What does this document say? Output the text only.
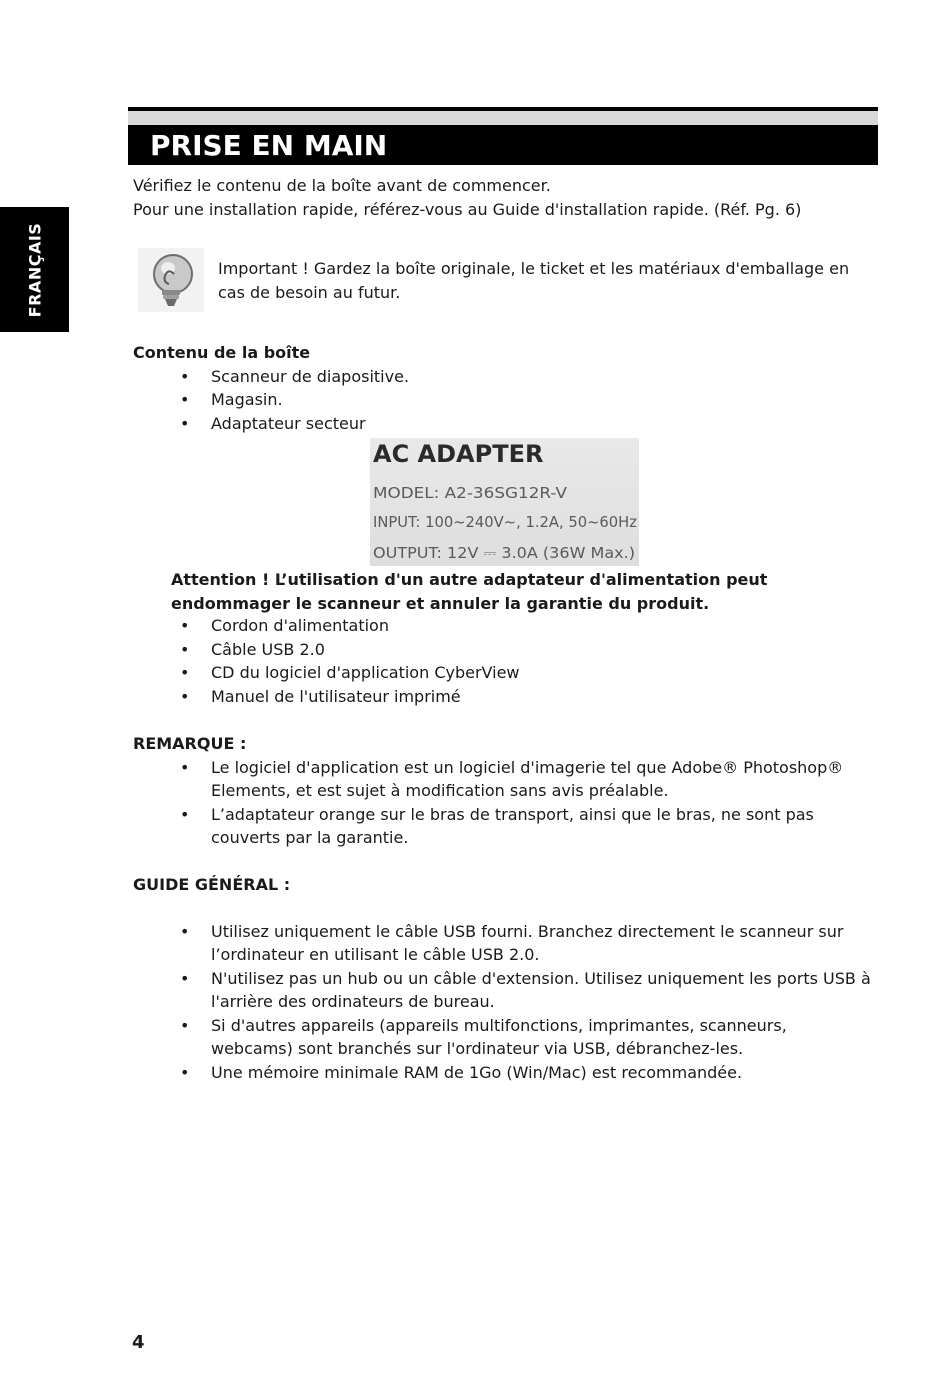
FRANÇAIS
PRISE EN MAIN

Vérifiez le contenu de la boîte avant de commencer.

Pour une installation rapide, référez-vous au Guide d'installation rapide. (Réf. Pg. 6)

Important ! Gardez la boîte originale, le ticket et les matériaux d'emballage en cas de besoin au futur.

Contenu de la boîte

• Scanneur de diapositive.
• Magasin.
• Adaptateur secteur
AC ADAPTER
MODEL: A2-36SG12R-V
INPUT: 100~240V~, 1.2A, 50~60Hz
OUTPUT: 12V ⎓ 3.0A (36W Max.)
Attention ! L’utilisation d'un autre adaptateur d'alimentation peut endommager le scanneur et annuler la garantie du produit.
• Cordon d'alimentation
• Câble USB 2.0
• CD du logiciel d'application CyberView
• Manuel de l'utilisateur imprimé

REMARQUE :

• Le logiciel d'application est un logiciel d'imagerie tel que Adobe® Photoshop® Elements, et est sujet à modification sans avis préalable.
• L’adaptateur orange sur le bras de transport, ainsi que le bras, ne sont pas couverts par la garantie.

GUIDE GÉNÉRAL :

• Utilisez uniquement le câble USB fourni. Branchez directement le scanneur sur l’ordinateur en utilisant le câble USB 2.0.
• N'utilisez pas un hub ou un câble d'extension. Utilisez uniquement les ports USB à l'arrière des ordinateurs de bureau.
• Si d'autres appareils (appareils multifonctions, imprimantes, scanneurs, webcams) sont branchés sur l'ordinateur via USB, débranchez-les.
• Une mémoire minimale RAM de 1Go (Win/Mac) est recommandée.
4
